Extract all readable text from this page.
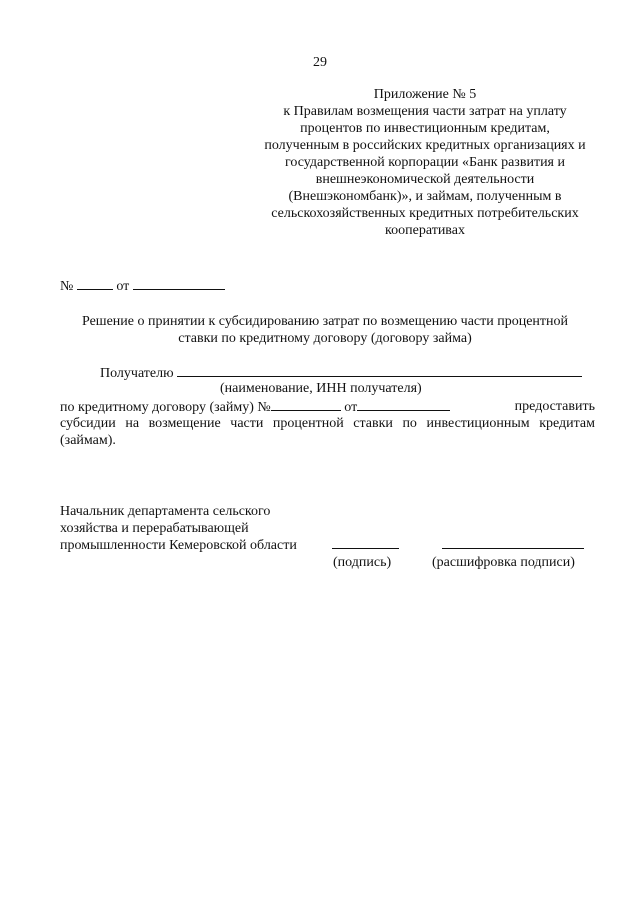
29
Приложение № 5
к Правилам возмещения части затрат на уплату
процентов по инвестиционным кредитам,
полученным в российских кредитных организациях и
государственной корпорации «Банк развития и
внешнеэкономической деятельности
(Внешэкономбанк)», и займам, полученным в
сельскохозяйственных кредитных потребительских
кооперативах
№	от
Решение о принятии к субсидированию затрат по возмещению части процентной
ставки по кредитному договору (договору займа)
Получателю
(наименование, ИНН получателя)
по кредитному договору (займу) №	от	предоставить
субсидии на возмещение части процентной ставки по инвестиционным кредитам
(займам).
Начальник департамента сельского
хозяйства и перерабатывающей
промышленности Кемеровской области
(подпись)	(расшифровка подписи)
